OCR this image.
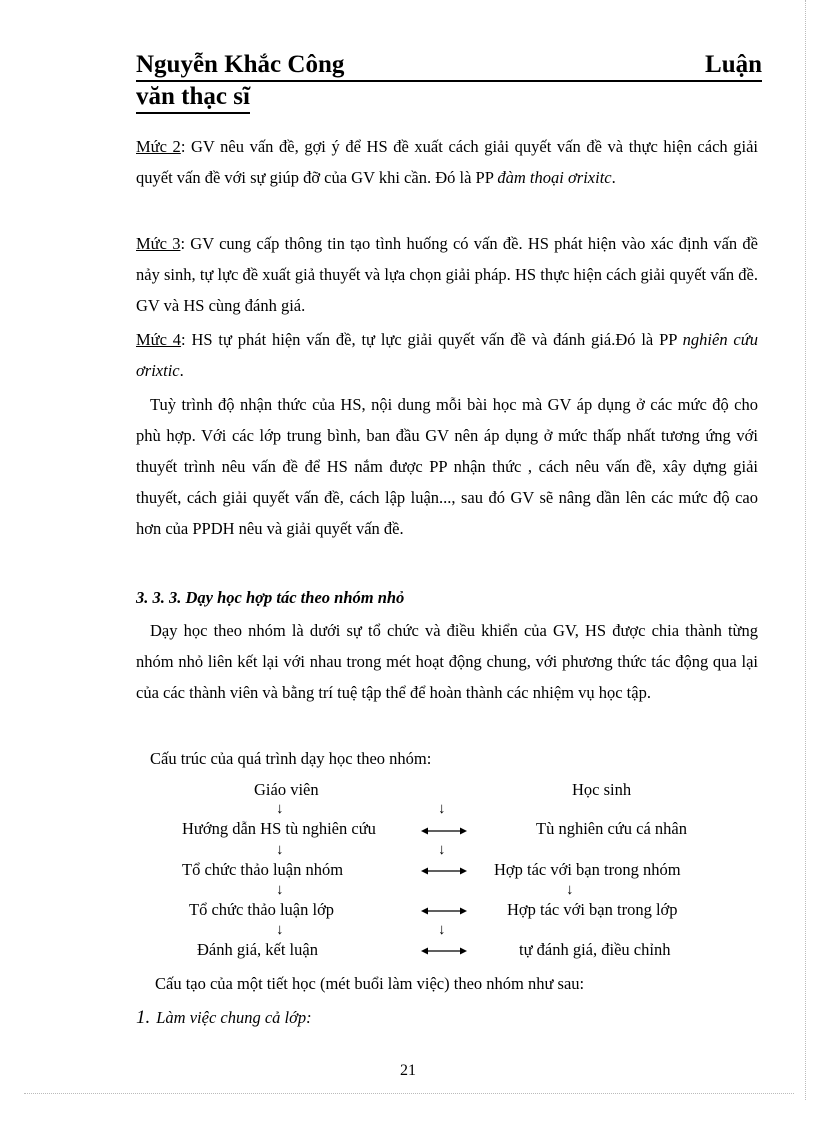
Nguyễn Khắc Công	Luận
văn thạc sĩ
Mức 2: GV nêu vấn đề, gợi ý để HS đề xuất cách giải quyết vấn đề và thực hiện cách giải quyết vấn đề với sự giúp đỡ của GV khi cần. Đó là PP đàm thoại ơrixitc.
Mức 3: GV cung cấp thông tin tạo tình huống có vấn đề. HS phát hiện vào xác định vấn đề nảy sinh, tự lực đề xuất giả thuyết và lựa chọn giải pháp. HS thực hiện cách giải quyết vấn đề. GV và HS cùng đánh giá.
Mức 4: HS tự phát hiện vấn đề, tự lực giải quyết vấn đề và đánh giá.Đó là PP nghiên cứu ơrixtic.
Tuỳ trình độ nhận thức của HS, nội dung mỗi bài học mà GV áp dụng ở các mức độ cho phù hợp. Với các lớp trung bình, ban đầu GV nên áp dụng ở mức thấp nhất tương ứng với thuyết trình nêu vấn đề để HS nắm được PP nhận thức , cách nêu vấn đề, xây dựng giải thuyết, cách giải quyết vấn đề, cách lập luận..., sau đó GV sẽ nâng dần lên các mức độ cao hơn của PPDH nêu và giải quyết vấn đề.
3. 3. 3. Dạy học hợp tác theo nhóm nhỏ
Dạy học theo nhóm là dưới sự tổ chức và điều khiển của GV, HS được chia thành từng nhóm nhỏ liên kết lại với nhau trong mét hoạt động chung, với phương thức tác động qua lại của các thành viên và bằng trí tuệ tập thể để hoàn thành các nhiệm vụ học tập.
Cấu trúc của quá trình dạy học theo nhóm:
Giáo viên	Học sinh
↓	↓
Hướng dẫn HS tù nghiên cứu	Tù nghiên cứu cá nhân
↓	↓
Tổ chức thảo luận nhóm	Hợp tác với bạn trong nhóm
↓	↓
Tổ chức thảo luận lớp	Hợp tác với bạn trong lớp
↓	↓
Đánh giá, kết luận	tự đánh giá, điều chỉnh
Cấu tạo của một tiết học (mét buổi làm việc) theo nhóm như sau:
1. Làm việc chung cả lớp:
21
